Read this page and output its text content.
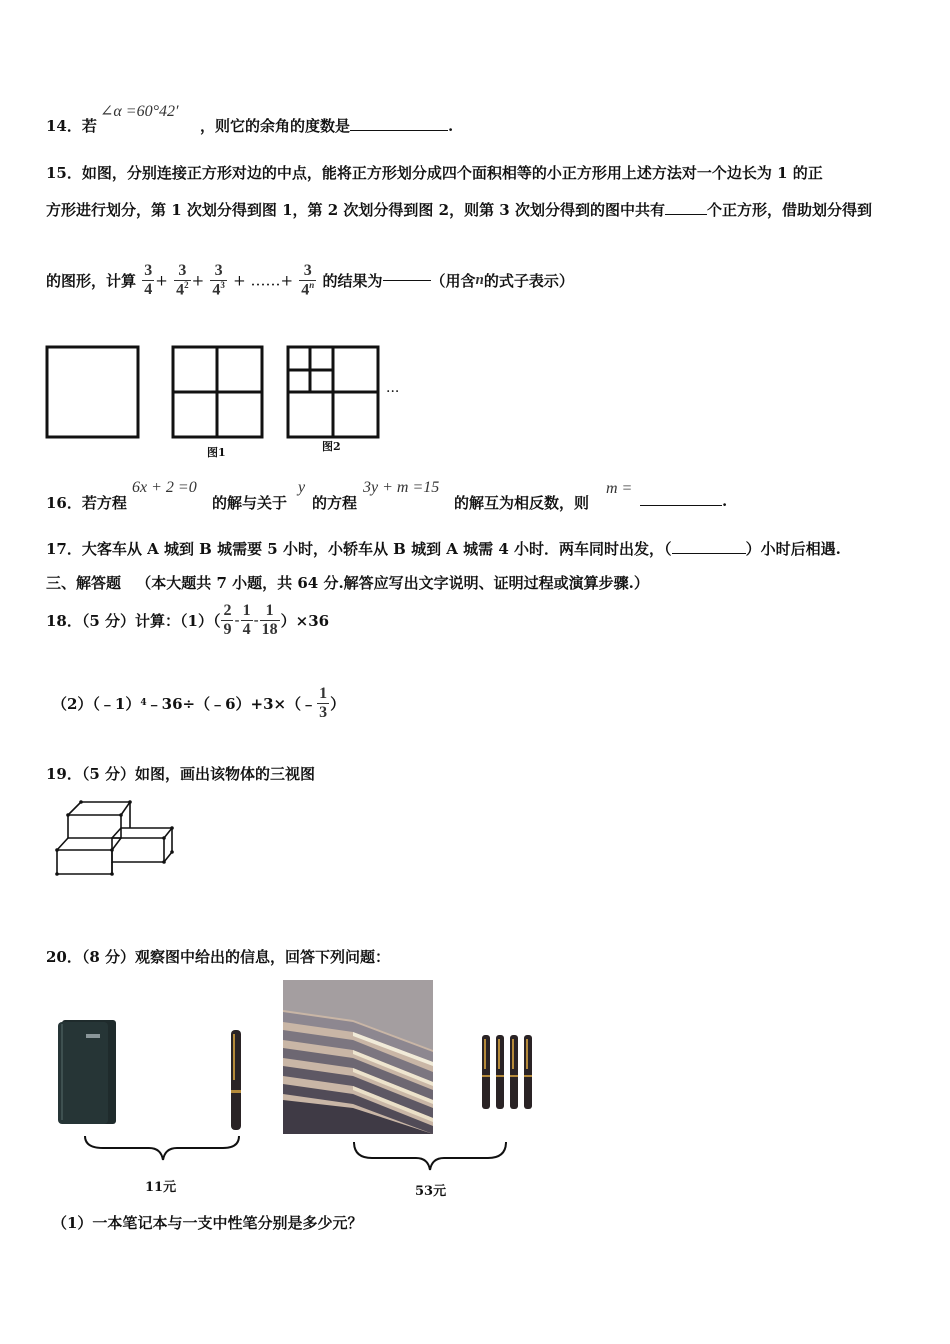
14．若
∠α =60°42′
，则它的余角的度数是	.
15．如图，分别连接正方形对边的中点，能将正方形划分成四个面积相等的小正方形用上述方法对一个边长为 1 的正
方形进行划分，第 1 次划分得到图 1，第 2 次划分得到图 2，则第 3 次划分得到的图中共有	个正方形，借助划分得到
的图形，计算 $\frac{3}{4} + \frac{3}{4^2} + \frac{3}{4^3}$ + ……+ $\frac{3}{4^n}$ 的结果为	（用含n的式子表示）
图1	图2
···
16．若方程
6x + 2 =0
的解与关于
y
的方程
3y + m =15
的解互为相反数，则
m =
.
17．大客车从 A 城到 B 城需要 5 小时，小轿车从 B 城到 A 城需 4 小时．两车同时出发，（	）小时后相遇.
三、解答题 （本大题共 7 小题，共 64 分.解答应写出文字说明、证明过程或演算步骤.）
18．（5 分）计算：$(1)( \frac{2}{9} - \frac{1}{4} - \frac{1}{18} )\times 36$
（2）（﹣1） 4 ﹣36÷（﹣6）+3×（﹣ $\frac{1}{3}$ ）
19．（5 分）如图，画出该物体的三视图
20．（8 分）观察图中给出的信息，回答下列问题：
11元	53元
（1）一本笔记本与一支中性笔分别是多少元？
